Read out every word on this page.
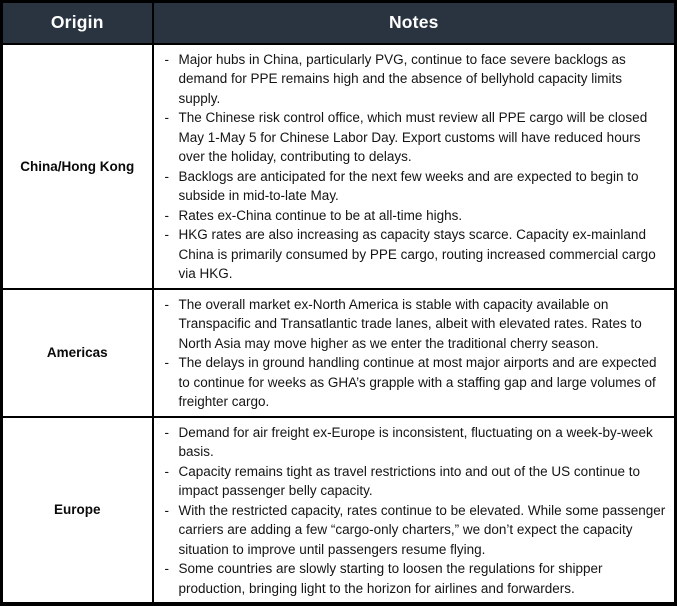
Origin	Notes
China/Hong Kong	
- Major hubs in China, particularly PVG, continue to face severe backlogs as demand for PPE remains high and the absence of bellyhold capacity limits supply.
- The Chinese risk control office, which must review all PPE cargo will be closed May 1-May 5 for Chinese Labor Day. Export customs will have reduced hours over the holiday, contributing to delays.
- Backlogs are anticipated for the next few weeks and are expected to begin to subside in mid-to-late May.
- Rates ex-China continue to be at all-time highs.
- HKG rates are also increasing as capacity stays scarce. Capacity ex-mainland China is primarily consumed by PPE cargo, routing increased commercial cargo via HKG.

Americas	
- The overall market ex-North America is stable with capacity available on Transpacific and Transatlantic trade lanes, albeit with elevated rates. Rates to North Asia may move higher as we enter the traditional cherry season.
- The delays in ground handling continue at most major airports and are expected to continue for weeks as GHA’s grapple with a staffing gap and large volumes of freighter cargo.

Europe	
- Demand for air freight ex-Europe is inconsistent, fluctuating on a week-by-week basis.
- Capacity remains tight as travel restrictions into and out of the US continue to impact passenger belly capacity.
- With the restricted capacity, rates continue to be elevated. While some passenger carriers are adding a few “cargo-only charters,” we don’t expect the capacity situation to improve until passengers resume flying.
- Some countries are slowly starting to loosen the regulations for shipper production, bringing light to the horizon for airlines and forwarders.
